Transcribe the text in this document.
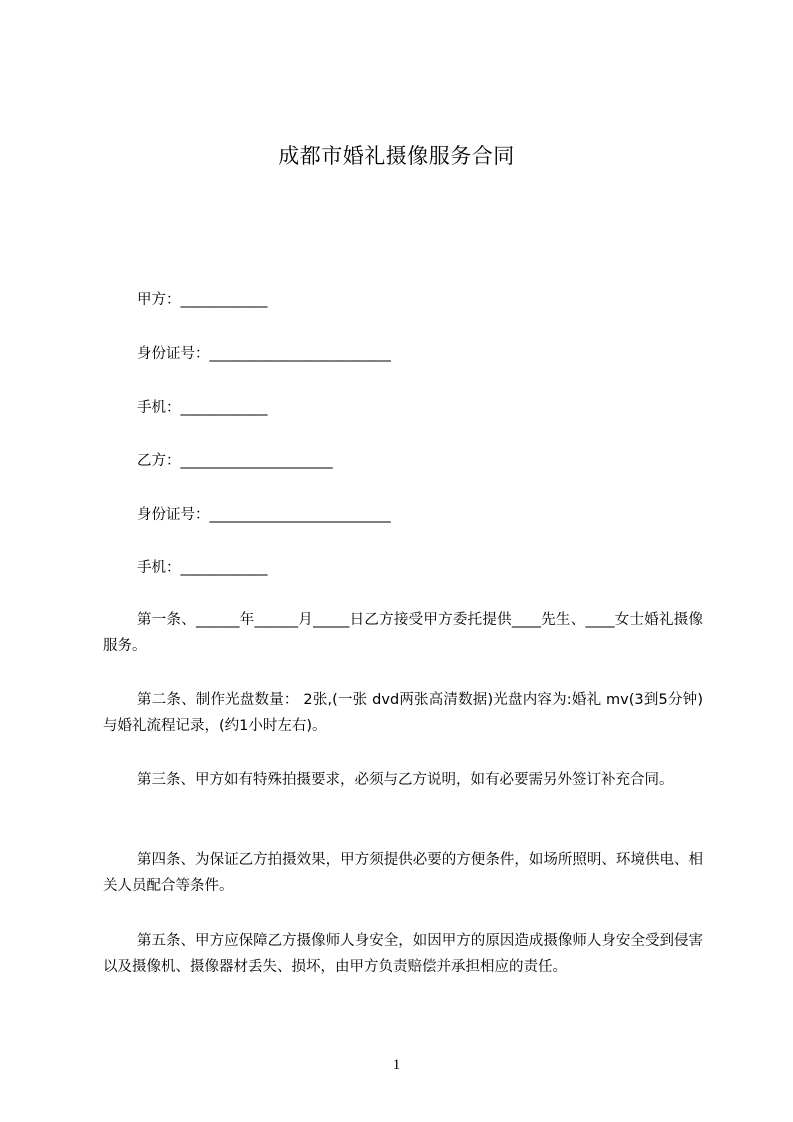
成都市婚礼摄像服务合同
甲方：____________
身份证号：_________________________
手机：____________
乙方：_____________________
身份证号：_________________________
手机：____________
第一条、______年______月_____日乙方接受甲方委托提供____先生、____女士婚礼摄像服务。
第二条、制作光盘数量： 2张,(一张 dvd两张高清数据)光盘内容为:婚礼 mv(3到5分钟)与婚礼流程记录，(约1小时左右)。
第三条、甲方如有特殊拍摄要求，必须与乙方说明，如有必要需另外签订补充合同。
第四条、为保证乙方拍摄效果，甲方须提供必要的方便条件，如场所照明、环境供电、相关人员配合等条件。
第五条、甲方应保障乙方摄像师人身安全，如因甲方的原因造成摄像师人身安全受到侵害以及摄像机、摄像器材丢失、损坏，由甲方负责赔偿并承担相应的责任。
1
